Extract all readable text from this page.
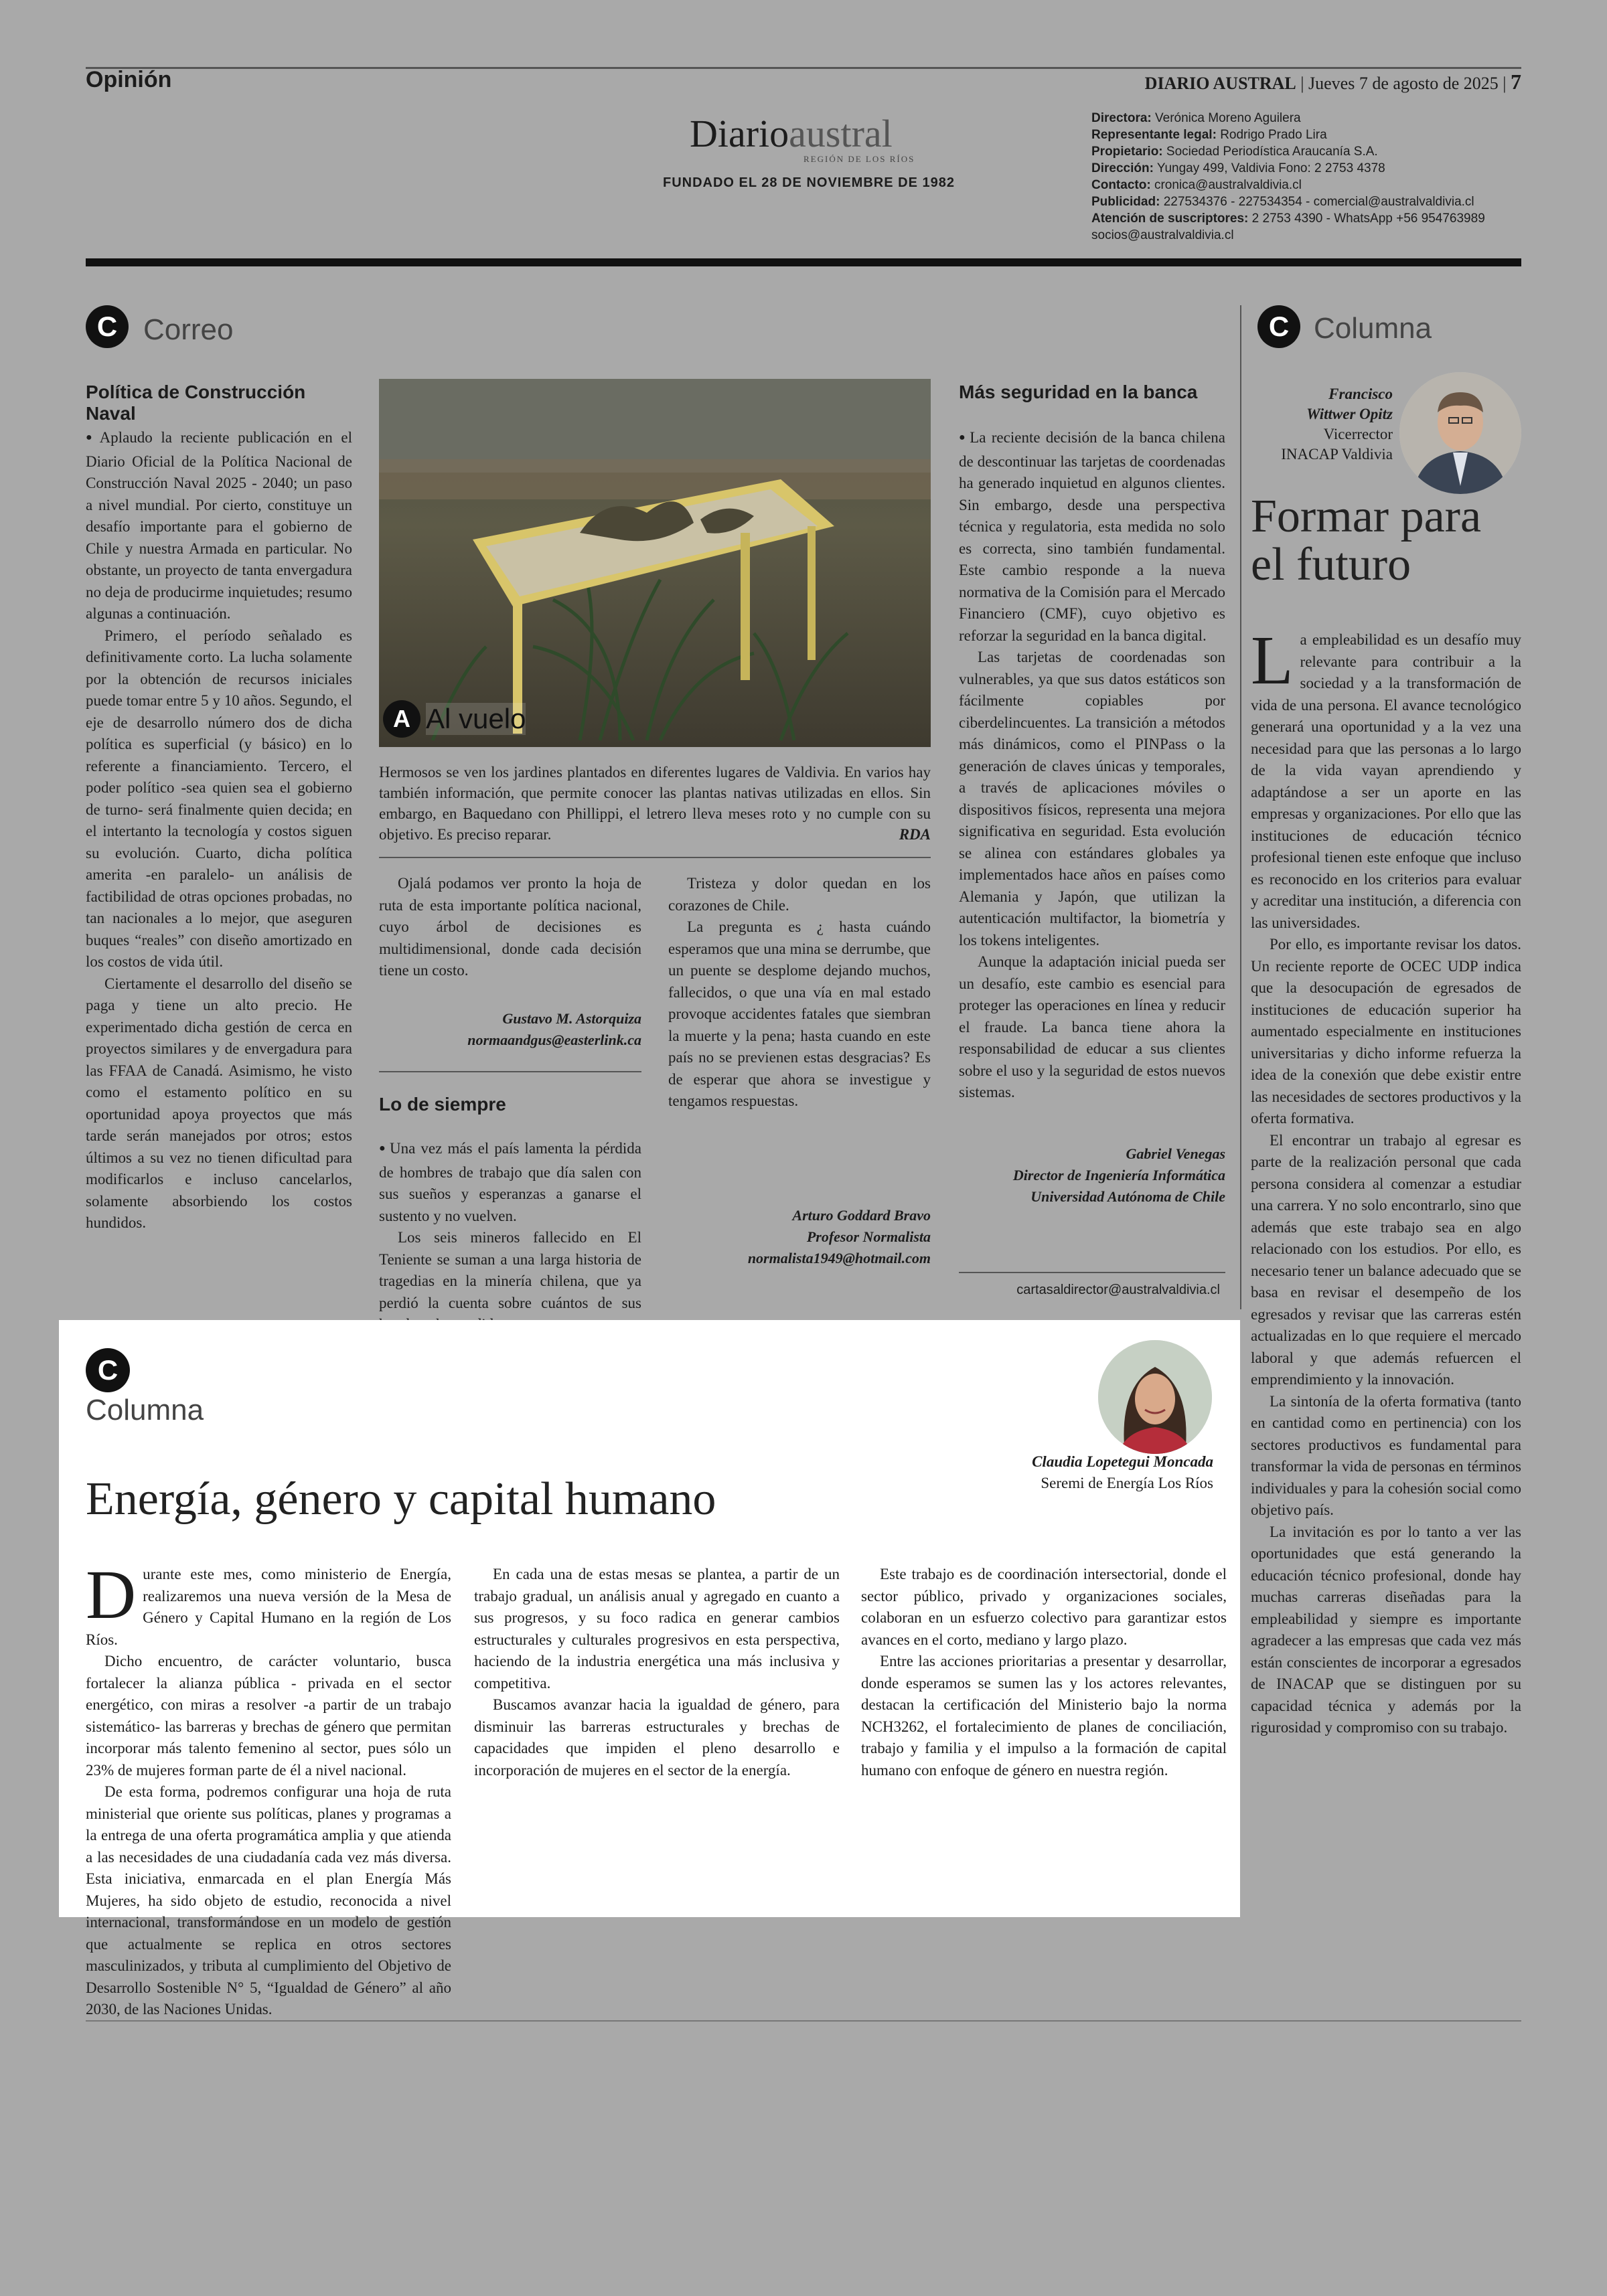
Opinión	DIARIO AUSTRAL | Jueves 7 de agosto de 2025 | 7
Diarioaustral
REGIÓN DE LOS RÍOS
FUNDADO EL 28 DE NOVIEMBRE DE 1982
Directora: Verónica Moreno Aguilera
Representante legal: Rodrigo Prado Lira
Propietario: Sociedad Periodística Araucanía S.A.
Dirección: Yungay 499, Valdivia Fono: 2 2753 4378
Contacto: cronica@australvaldivia.cl
Publicidad: 227534376 - 227534354 - comercial@australvaldivia.cl
Atención de suscriptores: 2 2753 4390 - WhatsApp +56 954763989
socios@australvaldivia.cl
C Correo
Política de Construcción Naval

● Aplaudo la reciente publicación en el Diario Oficial de la Política Nacional de Construcción Naval 2025 - 2040; un paso a nivel mundial. Por cierto, constituye un desafío importante para el gobierno de Chile y nuestra Armada en particular. No obstante, un proyecto de tanta envergadura no deja de producirme inquietudes; resumo algunas a continuación.

Primero, el período señalado es definitivamente corto. La lucha solamente por la obtención de recursos iniciales puede tomar entre 5 y 10 años. Segundo, el eje de desarrollo número dos de dicha política es superficial (y básico) en lo referente a financiamiento. Tercero, el poder político -sea quien sea el gobierno de turno- será finalmente quien decida; en el intertanto la tecnología y costos siguen su evolución. Cuarto, dicha política amerita -en paralelo- un análisis de factibilidad de otras opciones probadas, no tan nacionales a lo mejor, que aseguren buques “reales” con diseño amortizado en los costos de vida útil.

Ciertamente el desarrollo del diseño se paga y tiene un alto precio. He experimentado dicha gestión de cerca en proyectos similares y de envergadura para las FFAA de Canadá. Asimismo, he visto como el estamento político en su oportunidad apoya proyectos que más tarde serán manejados por otros; estos últimos a su vez no tienen dificultad para modificarlos e incluso cancelarlos, solamente absorbiendo los costos hundidos.

A Al vuelo
Hermosos se ven los jardines plantados en diferentes lugares de Valdivia. En varios hay también información, que permite conocer las plantas nativas utilizadas en ellos. Sin embargo, en Baquedano con Phillippi, el letrero lleva meses roto y no cumple con su objetivo. Es preciso reparar.	RDA

Ojalá podamos ver pronto la hoja de ruta de esta importante política nacional, cuyo árbol de decisiones es multidimensional, donde cada decisión tiene un costo.

Gustavo M. Astorquiza
normaandgus@easterlink.ca
Lo de siempre

● Una vez más el país lamenta la pérdida de hombres de trabajo que día salen con sus sueños y esperanzas a ganarse el sustento y no vuelven.

Los seis mineros fallecido en El Teniente se suman a una larga historia de tragedias en la minería chilena, que ya perdió la cuenta sobre cuántos de sus

Tristeza y dolor quedan en los corazones de Chile.

La pregunta es ¿ hasta cuándo esperamos que una mina se derrumbe, que un puente se desplome dejando muchos, fallecidos, o que una vía en mal estado provoque accidentes fatales que siembran la muerte y la pena; hasta cuando en este país no se previenen estas desgracias? Es de esperar que ahora se investigue y tengamos respuestas.

Arturo Goddard Bravo
Profesor Normalista
normalista1949@hotmail.com
Más seguridad en la banca

● La reciente decisión de la banca chilena de descontinuar las tarjetas de coordenadas ha generado inquietud en algunos clientes. Sin embargo, desde una perspectiva técnica y regulatoria, esta medida no solo es correcta, sino también fundamental. Este cambio responde a la nueva normativa de la Comisión para el Mercado Financiero (CMF), cuyo objetivo es reforzar la seguridad en la banca digital.

Las tarjetas de coordenadas son vulnerables, ya que sus datos estáticos son fácilmente copiables por ciberdelincuentes. La transición a métodos más dinámicos, como el PINPass o la generación de claves únicas y temporales, a través de aplicaciones móviles o dispositivos físicos, representa una mejora significativa en seguridad. Esta evolución se alinea con estándares globales ya implementados hace años en países como Alemania y Japón, que utilizan la autenticación multifactor, la biometría y los tokens inteligentes.

Aunque la adaptación inicial pueda ser un desafío, este cambio es esencial para proteger las operaciones en línea y reducir el fraude. La banca tiene ahora la responsabilidad de educar a sus clientes sobre el uso y la seguridad de estos nuevos sistemas.

Gabriel Venegas
Director de Ingeniería Informática
Universidad Autónoma de Chile
cartasaldirector@australvaldivia.cl
C Columna
Francisco
Wittwer Opitz
Vicerrector
INACAP Valdivia
Formar para el futuro

La empleabilidad es un desafío muy relevante para contribuir a la sociedad y a la transformación de vida de una persona. El avance tecnológico generará una oportunidad y a la vez una necesidad para que las personas a lo largo de la vida vayan aprendiendo y adaptándose a ser un aporte en las empresas y organizaciones. Por ello que las instituciones de educación técnico profesional tienen este enfoque que incluso es reconocido en los criterios para evaluar y acreditar una institución, a diferencia con las universidades.

Por ello, es importante revisar los datos. Un reciente reporte de OCEC UDP indica que la desocupación de egresados de instituciones de educación superior ha aumentado especialmente en instituciones universitarias y dicho informe refuerza la idea de la conexión que debe existir entre las necesidades de sectores productivos y la oferta formativa.

El encontrar un trabajo al egresar es parte de la realización personal que cada persona considera al comenzar a estudiar una carrera. Y no solo encontrarlo, sino que además que este trabajo sea en algo relacionado con los estudios. Por ello, es necesario tener un balance adecuado que se basa en revisar el desempeño de los egresados y revisar que las carreras estén actualizadas en lo que requiere el mercado laboral y que además refuercen el emprendimiento y la innovación.

La sintonía de la oferta formativa (tanto en cantidad como en pertinencia) con los sectores productivos es fundamental para transformar la vida de personas en términos individuales y para la cohesión social como objetivo país.

La invitación es por lo tanto a ver las oportunidades que está generando la educación técnico profesional, donde hay muchas carreras diseñadas para la empleabilidad y siempre es importante agradecer a las empresas que cada vez más están conscientes de incorporar a egresados de INACAP que se distinguen por su capacidad técnica y además por la rigurosidad y compromiso con su trabajo.

C
Columna
Claudia Lopetegui Moncada
Seremi de Energía Los Ríos
Energía, género y capital humano

Durante este mes, como ministerio de Energía, realizaremos una nueva versión de la Mesa de Género y Capital Humano en la región de Los Ríos.

Dicho encuentro, de carácter voluntario, busca fortalecer la alianza pública - privada en el sector energético, con miras a resolver -a partir de un trabajo sistemático- las barreras y brechas de género que permitan incorporar más talento femenino al sector, pues sólo un 23% de mujeres forman parte de él a nivel nacional.

De esta forma, podremos configurar una hoja de ruta ministerial que oriente sus políticas, planes y programas a la entrega de una oferta programática amplia y que atienda a las necesidades de una ciudadanía cada vez más diversa. Esta iniciativa, enmarcada en el plan Energía Más Mujeres, ha sido objeto de estudio, reconocida a nivel internacional, transformándose en un modelo de gestión que actualmente se replica en otros sectores masculinizados, y tributa al cumplimiento del Objetivo de Desarrollo Sostenible N° 5, “Igualdad de Género” al año 2030, de las Naciones Unidas.

En cada una de estas mesas se plantea, a partir de un trabajo gradual, un análisis anual y agregado en cuanto a sus progresos, y su foco radica en generar cambios estructurales y culturales progresivos en esta perspectiva, haciendo de la industria energética una más inclusiva y competitiva.

Buscamos avanzar hacia la igualdad de género, para disminuir las barreras estructurales y brechas de capacidades que impiden el pleno desarrollo e incorporación de mujeres en el sector de la energía.

Este trabajo es de coordinación intersectorial, donde el sector público, privado y organizaciones sociales, colaboran en un esfuerzo colectivo para garantizar estos avances en el corto, mediano y largo plazo.

Entre las acciones prioritarias a presentar y desarrollar, donde esperamos se sumen las y los actores relevantes, destacan la certificación del Ministerio bajo la norma NCH3262, el fortalecimiento de planes de conciliación, trabajo y familia y el impulso a la formación de capital humano con enfoque de género en nuestra región.
